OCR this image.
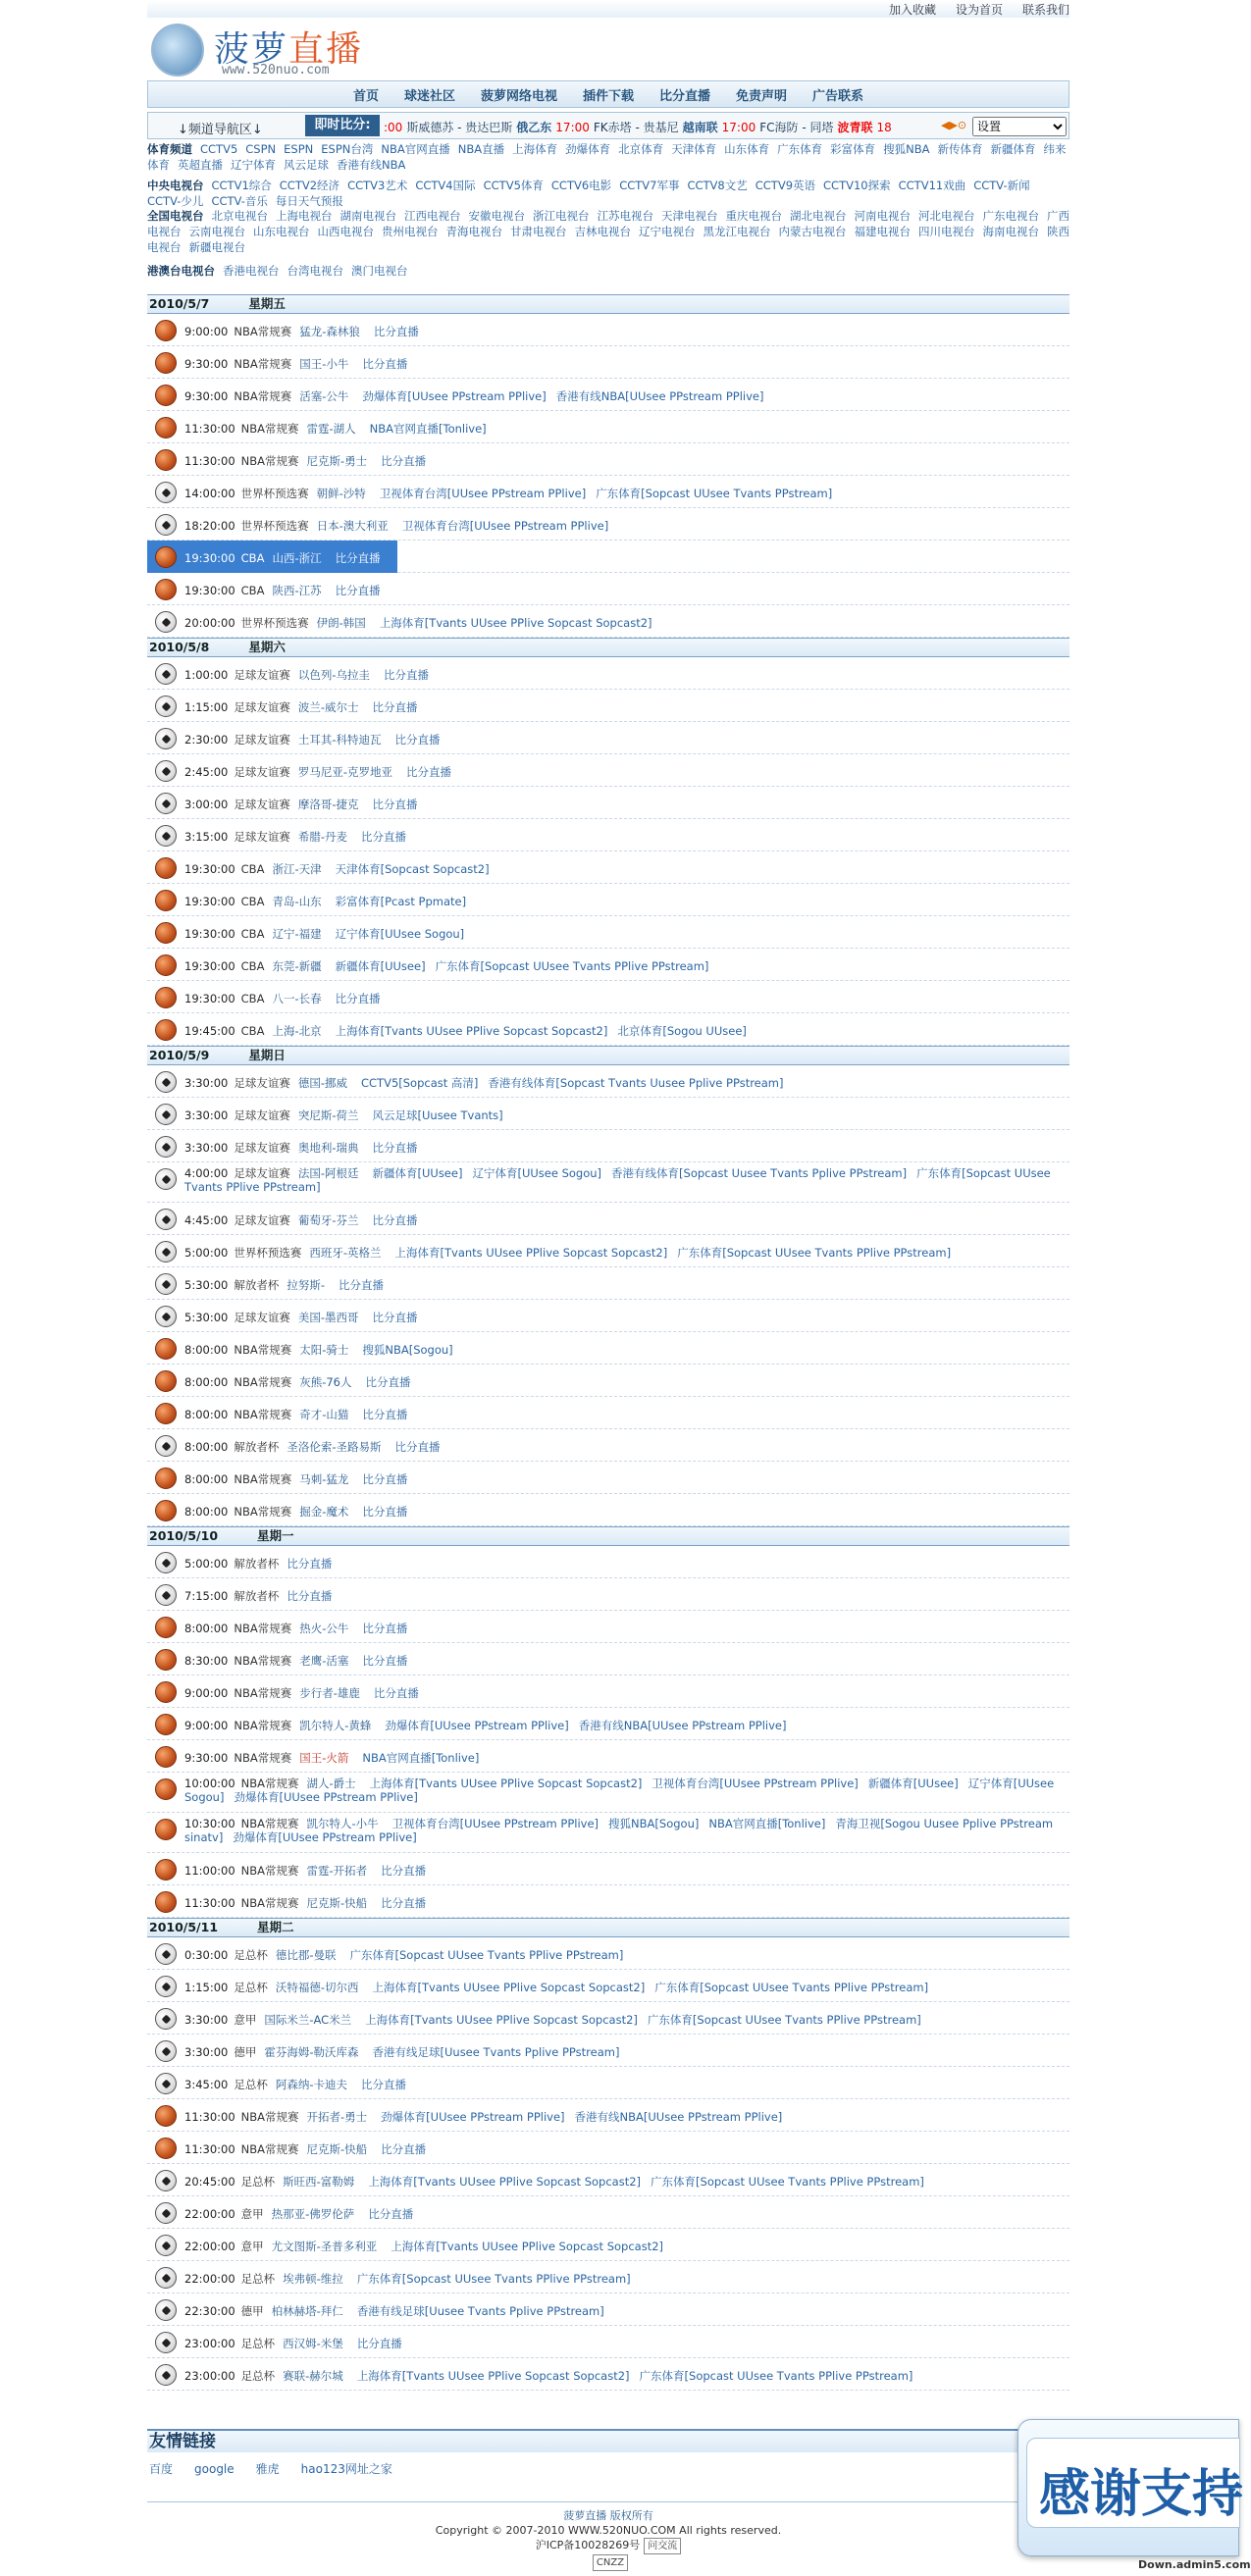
加入收藏 设为首页 联系我们
菠萝直播
www.520nuo.com
首页 球迷社区 菠萝网络电视 插件下载 比分直播 免责声明 广告联系
↓频道导航区↓	即时比分:	:00 斯威德苏 - 贵达巴斯 俄乙东 17:00 FK赤塔 - 贵基尼 越南联 17:00 FC海防 - 同塔 波青联 18	◀▶⊙
设置
体育频道 CCTV5 CSPN ESPN ESPN台湾 NBA官网直播 NBA直播 上海体育 劲爆体育 北京体育 天津体育 山东体育 广东体育 彩富体育 搜狐NBA 新传体育 新疆体育 纬来体育 英超直播 辽宁体育 风云足球 香港有线NBA
中央电视台 CCTV1综合 CCTV2经济 CCTV3艺术 CCTV4国际 CCTV5体育 CCTV6电影 CCTV7军事 CCTV8文艺 CCTV9英语 CCTV10探索 CCTV11戏曲 CCTV-新闻CCTV-少儿 CCTV-音乐 每日天气预报
全国电视台 北京电视台 上海电视台 湖南电视台 江西电视台 安徽电视台 浙江电视台 江苏电视台 天津电视台 重庆电视台 湖北电视台 河南电视台 河北电视台 广东电视台 广西电视台 云南电视台 山东电视台 山西电视台 贵州电视台 青海电视台 甘肃电视台 吉林电视台 辽宁电视台 黑龙江电视台 内蒙古电视台 福建电视台 四川电视台 海南电视台 陕西电视台 新疆电视台
港澳台电视台 香港电视台 台湾电视台 澳门电视台
2010/5/7	星期五
9:00:00 NBA常规赛 猛龙-森林狼 比分直播
9:30:00 NBA常规赛 国王-小牛 比分直播
9:30:00 NBA常规赛 活塞-公牛 劲爆体育[UUsee PPstream PPlive] 香港有线NBA[UUsee PPstream PPlive]
11:30:00 NBA常规赛 雷霆-湖人 NBA官网直播[Tonlive]
11:30:00 NBA常规赛 尼克斯-勇士 比分直播
14:00:00 世界杯预选赛 朝鲜-沙特 卫视体育台湾[UUsee PPstream PPlive] 广东体育[Sopcast UUsee Tvants PPstream]
18:20:00 世界杯预选赛 日本-澳大利亚 卫视体育台湾[UUsee PPstream PPlive]
19:30:00 CBA 山西-浙江 比分直播
19:30:00 CBA 陕西-江苏 比分直播
20:00:00 世界杯预选赛 伊朗-韩国 上海体育[Tvants UUsee PPlive Sopcast Sopcast2]
2010/5/8	星期六
1:00:00 足球友谊赛 以色列-乌拉圭 比分直播
1:15:00 足球友谊赛 波兰-威尔士 比分直播
2:30:00 足球友谊赛 土耳其-科特迪瓦 比分直播
2:45:00 足球友谊赛 罗马尼亚-克罗地亚 比分直播
3:00:00 足球友谊赛 摩洛哥-捷克 比分直播
3:15:00 足球友谊赛 希腊-丹麦 比分直播
19:30:00 CBA 浙江-天津 天津体育[Sopcast Sopcast2]
19:30:00 CBA 青岛-山东 彩富体育[Pcast Ppmate]
19:30:00 CBA 辽宁-福建 辽宁体育[UUsee Sogou]
19:30:00 CBA 东莞-新疆 新疆体育[UUsee] 广东体育[Sopcast UUsee Tvants PPlive PPstream]
19:30:00 CBA 八一-长春 比分直播
19:45:00 CBA 上海-北京 上海体育[Tvants UUsee PPlive Sopcast Sopcast2] 北京体育[Sogou UUsee]
2010/5/9	星期日
3:30:00 足球友谊赛 德国-挪威 CCTV5[Sopcast 高清] 香港有线体育[Sopcast Tvants Uusee Pplive PPstream]
3:30:00 足球友谊赛 突尼斯-荷兰 风云足球[Uusee Tvants]
3:30:00 足球友谊赛 奥地利-瑞典 比分直播
4:00:00 足球友谊赛 法国-阿根廷 新疆体育[UUsee] 辽宁体育[UUsee Sogou] 香港有线体育[Sopcast Uusee Tvants Pplive PPstream] 广东体育[Sopcast UUsee Tvants PPlive PPstream]
4:45:00 足球友谊赛 葡萄牙-芬兰 比分直播
5:00:00 世界杯预选赛 西班牙-英格兰 上海体育[Tvants UUsee PPlive Sopcast Sopcast2] 广东体育[Sopcast UUsee Tvants PPlive PPstream]
5:30:00 解放者杯 拉努斯- 比分直播
5:30:00 足球友谊赛 美国-墨西哥 比分直播
8:00:00 NBA常规赛 太阳-骑士 搜狐NBA[Sogou]
8:00:00 NBA常规赛 灰熊-76人 比分直播
8:00:00 NBA常规赛 奇才-山猫 比分直播
8:00:00 解放者杯 圣洛伦索-圣路易斯 比分直播
8:00:00 NBA常规赛 马刺-猛龙 比分直播
8:00:00 NBA常规赛 掘金-魔术 比分直播
2010/5/10	星期一
5:00:00 解放者杯 比分直播
7:15:00 解放者杯 比分直播
8:00:00 NBA常规赛 热火-公牛 比分直播
8:30:00 NBA常规赛 老鹰-活塞 比分直播
9:00:00 NBA常规赛 步行者-雄鹿 比分直播
9:00:00 NBA常规赛 凯尔特人-黄蜂 劲爆体育[UUsee PPstream PPlive] 香港有线NBA[UUsee PPstream PPlive]
9:30:00 NBA常规赛 国王-火箭 NBA官网直播[Tonlive]
10:00:00 NBA常规赛 湖人-爵士 上海体育[Tvants UUsee PPlive Sopcast Sopcast2] 卫视体育台湾[UUsee PPstream PPlive] 新疆体育[UUsee] 辽宁体育[UUsee Sogou] 劲爆体育[UUsee PPstream PPlive]
10:30:00 NBA常规赛 凯尔特人-小牛 卫视体育台湾[UUsee PPstream PPlive] 搜狐NBA[Sogou] NBA官网直播[Tonlive] 青海卫视[Sogou Uusee Pplive PPstream sinatv] 劲爆体育[UUsee PPstream PPlive]
11:00:00 NBA常规赛 雷霆-开拓者 比分直播
11:30:00 NBA常规赛 尼克斯-快船 比分直播
2010/5/11	星期二
0:30:00 足总杯 德比郡-曼联 广东体育[Sopcast UUsee Tvants PPlive PPstream]
1:15:00 足总杯 沃特福德-切尔西 上海体育[Tvants UUsee PPlive Sopcast Sopcast2] 广东体育[Sopcast UUsee Tvants PPlive PPstream]
3:30:00 意甲 国际米兰-AC米兰 上海体育[Tvants UUsee PPlive Sopcast Sopcast2] 广东体育[Sopcast UUsee Tvants PPlive PPstream]
3:30:00 德甲 霍芬海姆-勒沃库森 香港有线足球[Uusee Tvants Pplive PPstream]
3:45:00 足总杯 阿森纳-卡迪夫 比分直播
11:30:00 NBA常规赛 开拓者-勇士 劲爆体育[UUsee PPstream PPlive] 香港有线NBA[UUsee PPstream PPlive]
11:30:00 NBA常规赛 尼克斯-快船 比分直播
20:45:00 足总杯 斯旺西-富勒姆 上海体育[Tvants UUsee PPlive Sopcast Sopcast2] 广东体育[Sopcast UUsee Tvants PPlive PPstream]
22:00:00 意甲 热那亚-佛罗伦萨 比分直播
22:00:00 意甲 尤文图斯-圣普多利亚 上海体育[Tvants UUsee PPlive Sopcast Sopcast2]
22:00:00 足总杯 埃弗顿-维拉 广东体育[Sopcast UUsee Tvants PPlive PPstream]
22:30:00 德甲 柏林赫塔-拜仁 香港有线足球[Uusee Tvants Pplive PPstream]
23:00:00 足总杯 西汉姆-米堡 比分直播
23:00:00 足总杯 赛联-赫尔城 上海体育[Tvants UUsee PPlive Sopcast Sopcast2] 广东体育[Sopcast UUsee Tvants PPlive PPstream]
友情链接
百度 google 雅虎 hao123网址之家
菠萝直播 版权所有
Copyright © 2007-2010 WWW.520NUO.COM All rights reserved.
沪ICP备10028269号 问交流
CNZZ
感谢支持
Down.admin5.com
